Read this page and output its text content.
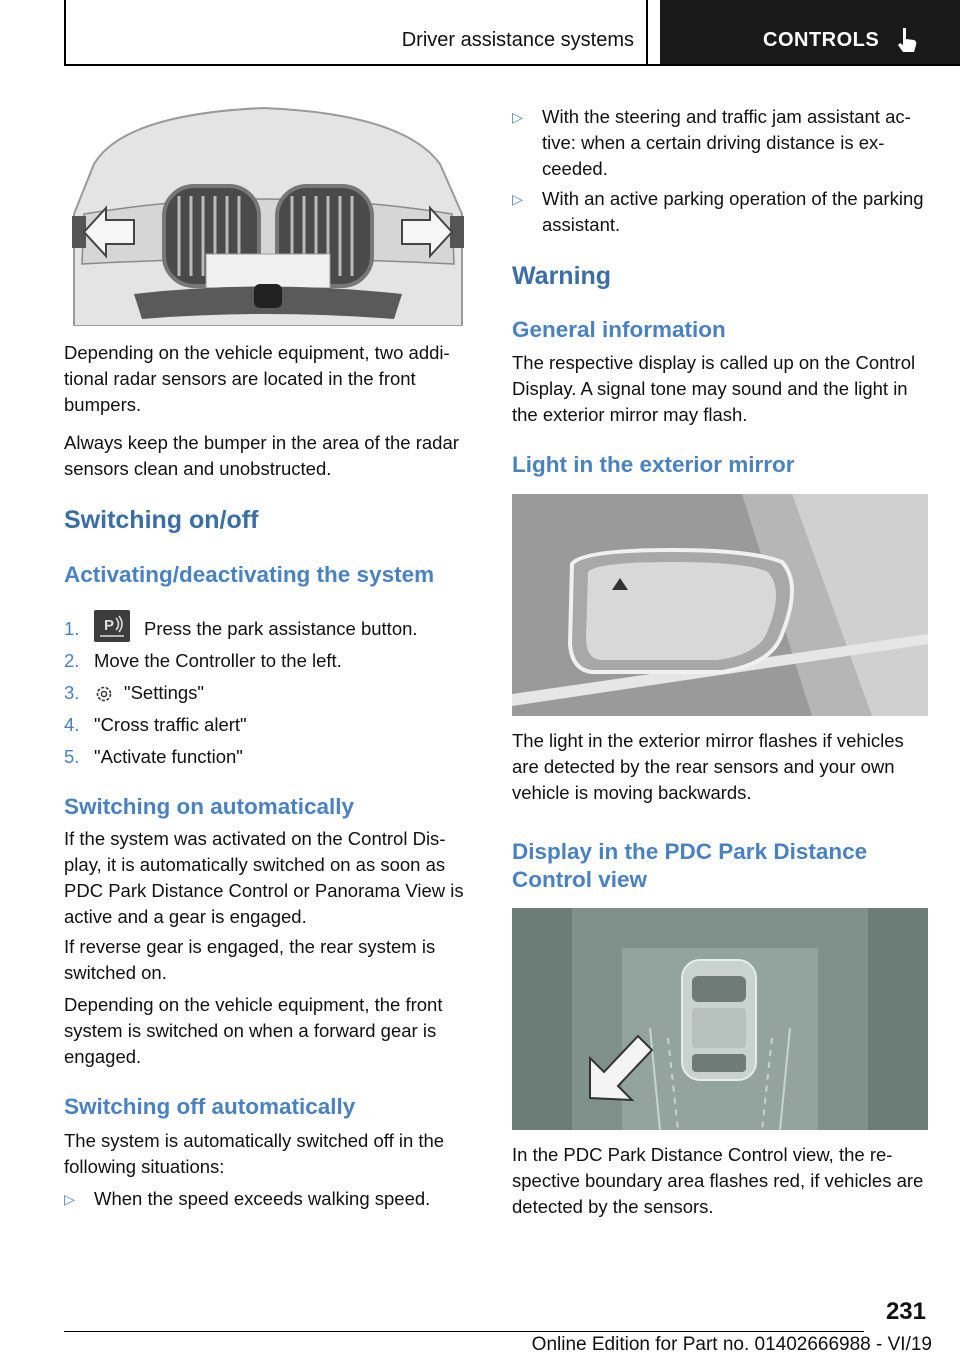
Driver assistance systems	CONTROLS

Depending on the vehicle equipment, two additional radar sensors are located in the front bumpers.

Always keep the bumper in the area of the radar sensors clean and unobstructed.

Switching on/off
Activating/deactivating the system
1. P Press the park assistance button.
2. Move the Controller to the left.
3. "Settings"
4. "Cross traffic alert"
5. "Activate function"
Switching on automatically

If the system was activated on the Control Display, it is automatically switched on as soon as PDC Park Distance Control or Panorama View is active and a gear is engaged.

If reverse gear is engaged, the rear system is switched on.

Depending on the vehicle equipment, the front system is switched on when a forward gear is engaged.

Switching off automatically

The system is automatically switched off in the following situations:

▷ When the speed exceeds walking speed.
▷ With the steering and traffic jam assistant active: when a certain driving distance is exceeded.
▷ With an active parking operation of the parking assistant.
Warning
General information

The respective display is called up on the Control Display. A signal tone may sound and the light in the exterior mirror may flash.

Light in the exterior mirror

The light in the exterior mirror flashes if vehicles are detected by the rear sensors and your own vehicle is moving backwards.

Display in the PDC Park Distance Control view

In the PDC Park Distance Control view, the respective boundary area flashes red, if vehicles are detected by the sensors.

231
Online Edition for Part no. 01402666988 - VI/19
